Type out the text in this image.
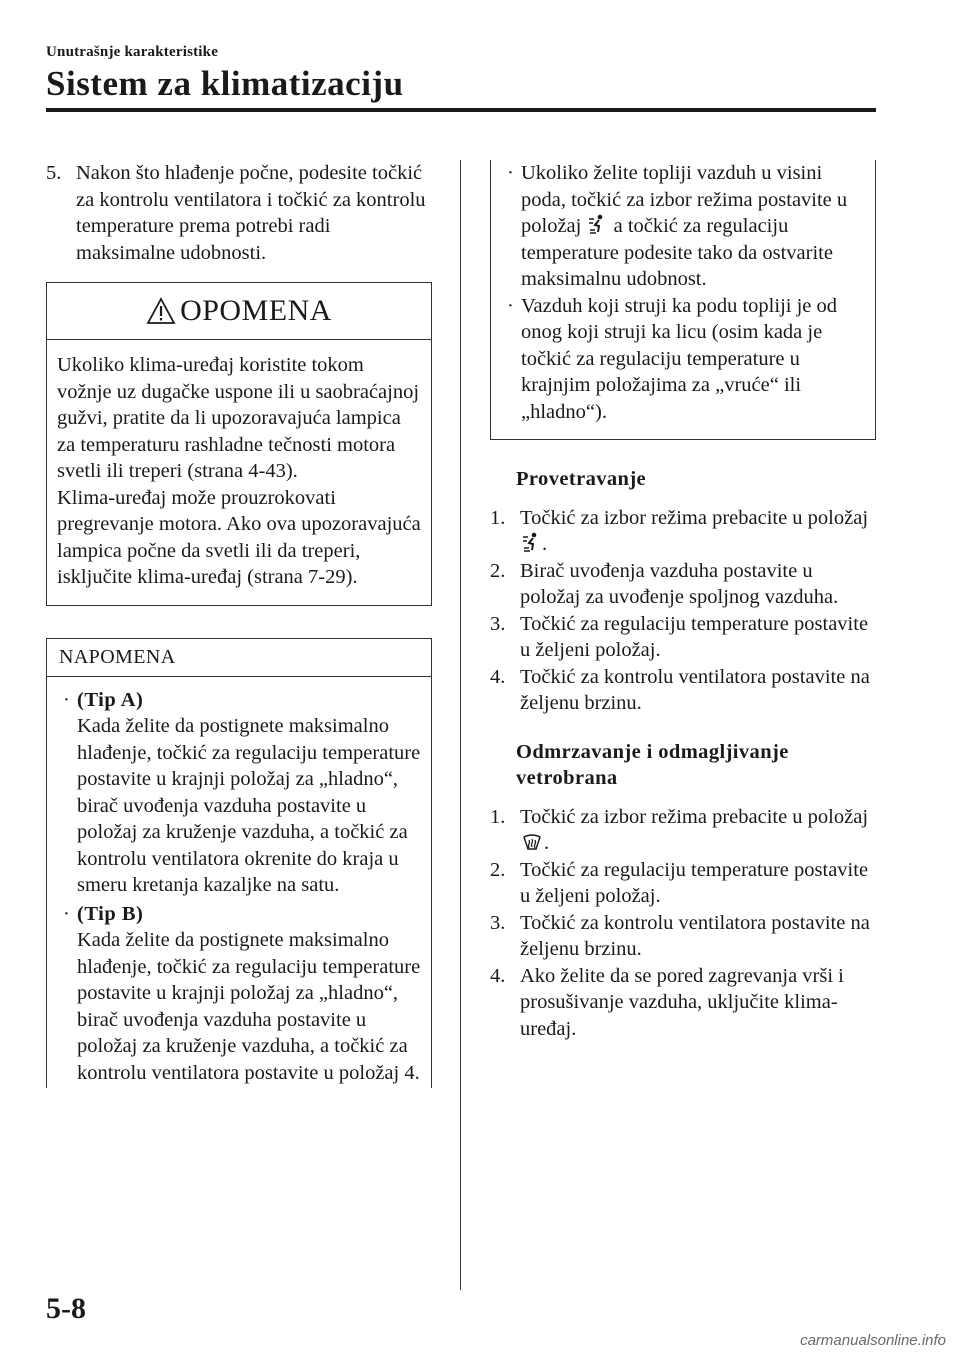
Unutrašnje karakteristike
Sistem za klimatizaciju
5. Nakon što hlađenje počne, podesite točkić za kontrolu ventilatora i točkić za kontrolu temperature prema potrebi radi maksimalne udobnosti.
OPOMENA
Ukoliko klima-uređaj koristite tokom vožnje uz dugačke uspone ili u saobraćajnoj gužvi, pratite da li upozoravajuća lampica za temperaturu rashladne tečnosti motora svetli ili treperi (strana 4-43).
Klima-uređaj može prouzrokovati pregrevanje motora. Ako ova upozoravajuća lampica počne da svetli ili da treperi, isključite klima-uređaj (strana 7-29).
NAPOMENA
· (Tip A)
Kada želite da postignete maksimalno hlađenje, točkić za regulaciju temperature postavite u krajnji položaj za „hladno“, birač uvođenja vazduha postavite u položaj za kruženje vazduha, a točkić za kontrolu ventilatora okrenite do kraja u smeru kretanja kazaljke na satu.
· (Tip B)
Kada želite da postignete maksimalno hlađenje, točkić za regulaciju temperature postavite u krajnji položaj za „hladno“, birač uvođenja vazduha postavite u položaj za kruženje vazduha, a točkić za kontrolu ventilatora postavite u položaj 4.
· Ukoliko želite topliji vazduh u visini poda, točkić za izbor režima postavite u položaj a točkić za regulaciju temperature podesite tako da ostvarite maksimalnu udobnost.
· Vazduh koji struji ka podu topliji je od onog koji struji ka licu (osim kada je točkić za regulaciju temperature u krajnjim položajima za „vruće“ ili „hladno“).
Provetravanje
1. Točkić za izbor režima prebacite u položaj .
2. Birač uvođenja vazduha postavite u položaj za uvođenje spoljnog vazduha.
3. Točkić za regulaciju temperature postavite u željeni položaj.
4. Točkić za kontrolu ventilatora postavite na željenu brzinu.
Odmrzavanje i odmagljivanje
vetrobrana
1. Točkić za izbor režima prebacite u položaj .
2. Točkić za regulaciju temperature postavite u željeni položaj.
3. Točkić za kontrolu ventilatora postavite na željenu brzinu.
4. Ako želite da se pored zagrevanja vrši i prosušivanje vazduha, uključite klima-uređaj.
5-8
carmanualsonline.info
